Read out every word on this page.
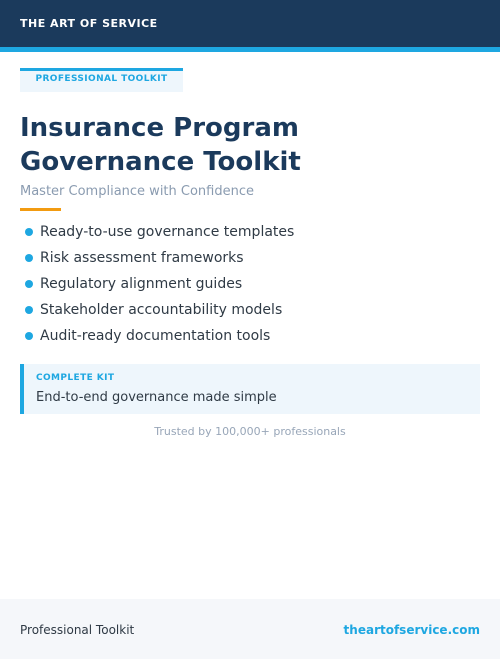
THE ART OF SERVICE
PROFESSIONAL TOOLKIT
Insurance Program
Governance Toolkit
Master Compliance with Confidence
Ready-to-use governance templates
Risk assessment frameworks
Regulatory alignment guides
Stakeholder accountability models
Audit-ready documentation tools
COMPLETE KIT
End-to-end governance made simple
Trusted by 100,000+ professionals
Professional Toolkit	theartofservice.com
